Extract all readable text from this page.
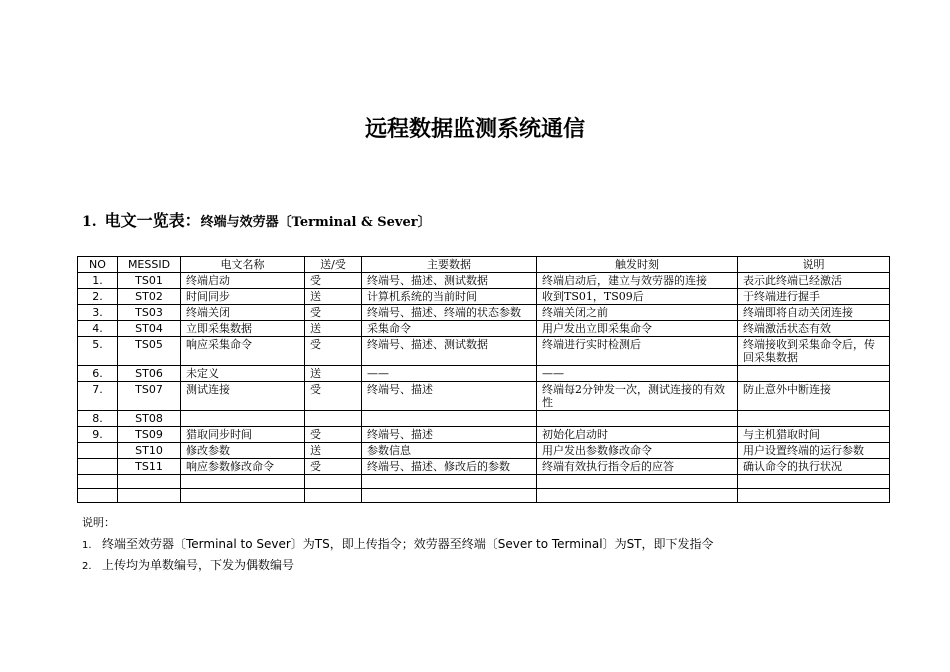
远程数据监测系统通信
1. 电文一览表：终端与效劳器〔Terminal & Sever〕
NO	MESSID	电文名称	送/受	主要数据	触发时刻	说明
1.	TS01	终端启动	受	终端号、描述、测试数据	终端启动后，建立与效劳器的连接	表示此终端已经激活
2.	ST02	时间同步	送	计算机系统的当前时间	收到TS01，TS09后	于终端进行握手
3.	TS03	终端关闭	受	终端号、描述、终端的状态参数	终端关闭之前	终端即将自动关闭连接
4.	ST04	立即采集数据	送	采集命令	用户发出立即采集命令	终端激活状态有效
5.	TS05	响应采集命令	受	终端号、描述、测试数据	终端进行实时检测后	终端接收到采集命令后，传回采集数据
6.	ST06	未定义	送	——	——	
7.	TS07	测试连接	受	终端号、描述	终端每2分钟发一次，测试连接的有效性	防止意外中断连接
8.	ST08					
9.	TS09	猎取同步时间	受	终端号、描述	初始化启动时	与主机猎取时间
	ST10	修改参数	送	参数信息	用户发出参数修改命令	用户设置终端的运行参数
	TS11	响应参数修改命令	受	终端号、描述、修改后的参数	终端有效执行指令后的应答	确认命令的执行状况

说明：
1. 终端至效劳器〔Terminal to Sever〕为TS，即上传指令；效劳器至终端〔Sever to Terminal〕为ST，即下发指令
2. 上传均为单数编号，下发为偶数编号
